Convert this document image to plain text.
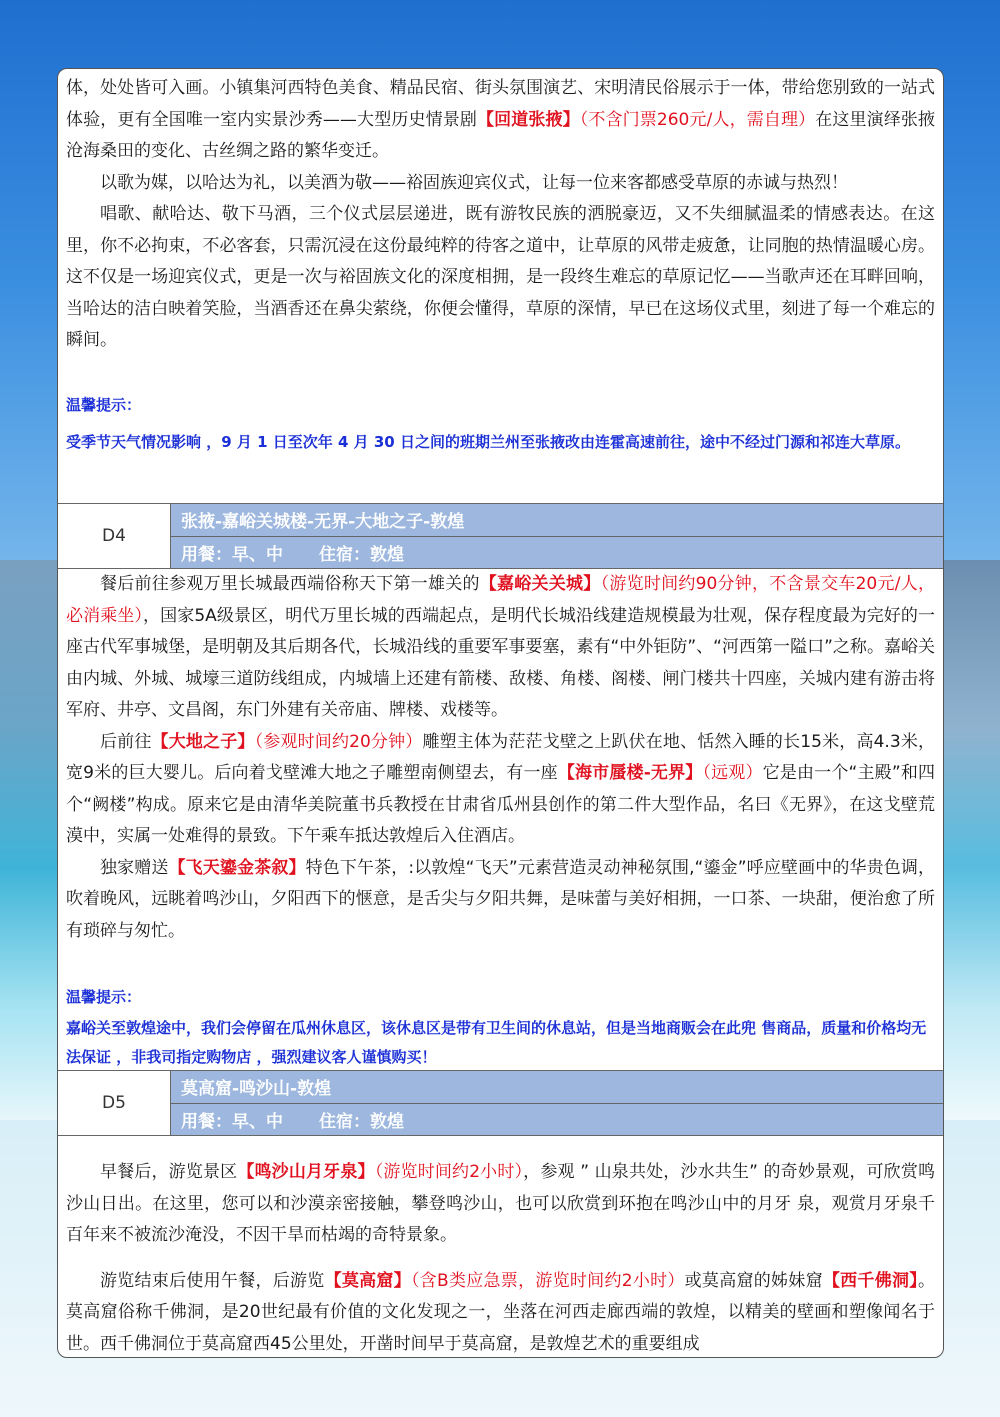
体，处处皆可入画。小镇集河西特色美食、精品民宿、街头氛围演艺、宋明清民俗展示于一体，带给您别致的一站式体验，更有全国唯一室内实景沙秀——大型历史情景剧【回道张掖】（不含门票260元/人，需自理）在这里演绎张掖沧海桑田的变化、古丝绸之路的繁华变迁。

以歌为媒，以哈达为礼，以美酒为敬——裕固族迎宾仪式，让每一位来客都感受草原的赤诚与热烈！

唱歌、献哈达、敬下马酒，三个仪式层层递进，既有游牧民族的洒脱豪迈，又不失细腻温柔的情感表达。在这里，你不必拘束，不必客套，只需沉浸在这份最纯粹的待客之道中，让草原的风带走疲惫，让同胞的热情温暖心房。这不仅是一场迎宾仪式，更是一次与裕固族文化的深度相拥，是一段终生难忘的草原记忆——当歌声还在耳畔回响，当哈达的洁白映着笑脸，当酒香还在鼻尖萦绕，你便会懂得，草原的深情，早已在这场仪式里，刻进了每一个难忘的瞬间。

温馨提示：

受季节天气情况影响 ，9 月 1 日至次年 4 月 30 日之间的班期兰州至张掖改由连霍高速前往，途中不经过门源和祁连大草原。

D4
张掖-嘉峪关城楼-无界-大地之子-敦煌
用餐：早、中 住宿：敦煌

餐后前往参观万里长城最西端俗称天下第一雄关的【嘉峪关关城】（游览时间约90分钟，不含景交车20元/人，必消乘坐），国家5A级景区，明代万里长城的西端起点，是明代长城沿线建造规模最为壮观，保存程度最为完好的一座古代军事城堡，是明朝及其后期各代，长城沿线的重要军事要塞，素有“中外钜防”、“河西第一隘口”之称。嘉峪关由内城、外城、城壕三道防线组成，内城墙上还建有箭楼、敌楼、角楼、阁楼、闸门楼共十四座，关城内建有游击将军府、井亭、文昌阁，东门外建有关帝庙、牌楼、戏楼等。

后前往【大地之子】（参观时间约20分钟）雕塑主体为茫茫戈壁之上趴伏在地、恬然入睡的长15米，高4.3米，宽9米的巨大婴儿。后向着戈壁滩大地之子雕塑南侧望去，有一座【海市蜃楼-无界】（远观）它是由一个“主殿”和四个“阙楼”构成。原来它是由清华美院董书兵教授在甘肃省瓜州县创作的第二件大型作品，名曰《无界》，在这戈壁荒漠中，实属一处难得的景致。下午乘车抵达敦煌后入住酒店。

独家赠送【飞天鎏金茶叙】特色下午茶，:以敦煌“飞天”元素营造灵动神秘氛围,“鎏金”呼应壁画中的华贵色调，吹着晚风，远眺着鸣沙山，夕阳西下的惬意，是舌尖与夕阳共舞，是味蕾与美好相拥，一口茶、一块甜，便治愈了所有琐碎与匆忙。

温馨提示：

嘉峪关至敦煌途中，我们会停留在瓜州休息区，该休息区是带有卫生间的休息站，但是当地商贩会在此兜 售商品，质量和价格均无法保证 ，非我司指定购物店 ，强烈建议客人谨慎购买！

D5
莫高窟-鸣沙山-敦煌
用餐：早、中 住宿：敦煌

早餐后，游览景区【鸣沙山月牙泉】（游览时间约2小时），参观 ” 山泉共处，沙水共生” 的奇妙景观，可欣赏鸣沙山日出。在这里，您可以和沙漠亲密接触，攀登鸣沙山，也可以欣赏到环抱在鸣沙山中的月牙 泉，观赏月牙泉千百年来不被流沙淹没，不因干旱而枯竭的奇特景象。

游览结束后使用午餐，后游览【莫高窟】（含B类应急票，游览时间约2小时）或莫高窟的姊妹窟【西千佛洞】。莫高窟俗称千佛洞，是20世纪最有价值的文化发现之一，坐落在河西走廊西端的敦煌，以精美的壁画和塑像闻名于世。西千佛洞位于莫高窟西45公里处，开凿时间早于莫高窟，是敦煌艺术的重要组成
